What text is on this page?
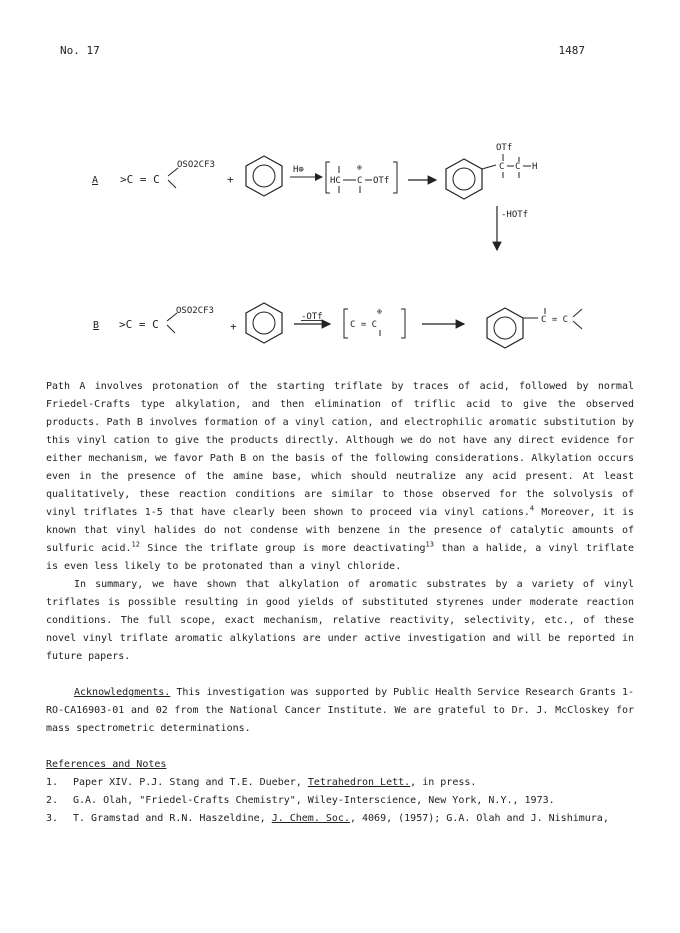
No. 17	1487
A >C = C
OSO2CF3
+
H⊕
HC C
⊕
OTf
OTf
C C H
-HOTf
B >C = C
OSO2CF3
+
-OTf
C = C
⊕
C = C

Path A involves protonation of the starting triflate by traces of acid, followed by normal Friedel-Crafts type alkylation, and then elimination of triflic acid to give the observed products. Path B involves formation of a vinyl cation, and electrophilic aromatic substitution by this vinyl cation to give the products directly. Although we do not have any direct evidence for either mechanism, we favor Path B on the basis of the following considerations. Alkylation occurs even in the presence of the amine base, which should neutralize any acid present. At least qualitatively, these reaction conditions are similar to those observed for the solvolysis of vinyl triflates 1-5 that have clearly been shown to proceed via vinyl cations.$^4$ Moreover, it is known that vinyl halides do not condense with benzene in the presence of catalytic amounts of sulfuric acid.$^{12}$ Since the triflate group is more deactivating$^{13}$ than a halide, a vinyl triflate is even less likely to be protonated than a vinyl chloride.

In summary, we have shown that alkylation of aromatic substrates by a variety of vinyl triflates is possible resulting in good yields of substituted styrenes under moderate reaction conditions. The full scope, exact mechanism, relative reactivity, selectivity, etc., of these novel vinyl triflate aromatic alkylations are under active investigation and will be reported in future papers.

Acknowledgments. This investigation was supported by Public Health Service Research Grants 1-RO-CA16903-01 and 02 from the National Cancer Institute. We are grateful to Dr. J. McCloskey for mass spectrometric determinations.

References and Notes
1. Paper XIV. P.J. Stang and T.E. Dueber, Tetrahedron Lett., in press.
2. G.A. Olah, "Friedel-Crafts Chemistry", Wiley-Interscience, New York, N.Y., 1973.
3. T. Gramstad and R.N. Haszeldine, J. Chem. Soc., 4069, (1957); G.A. Olah and J. Nishimura,
